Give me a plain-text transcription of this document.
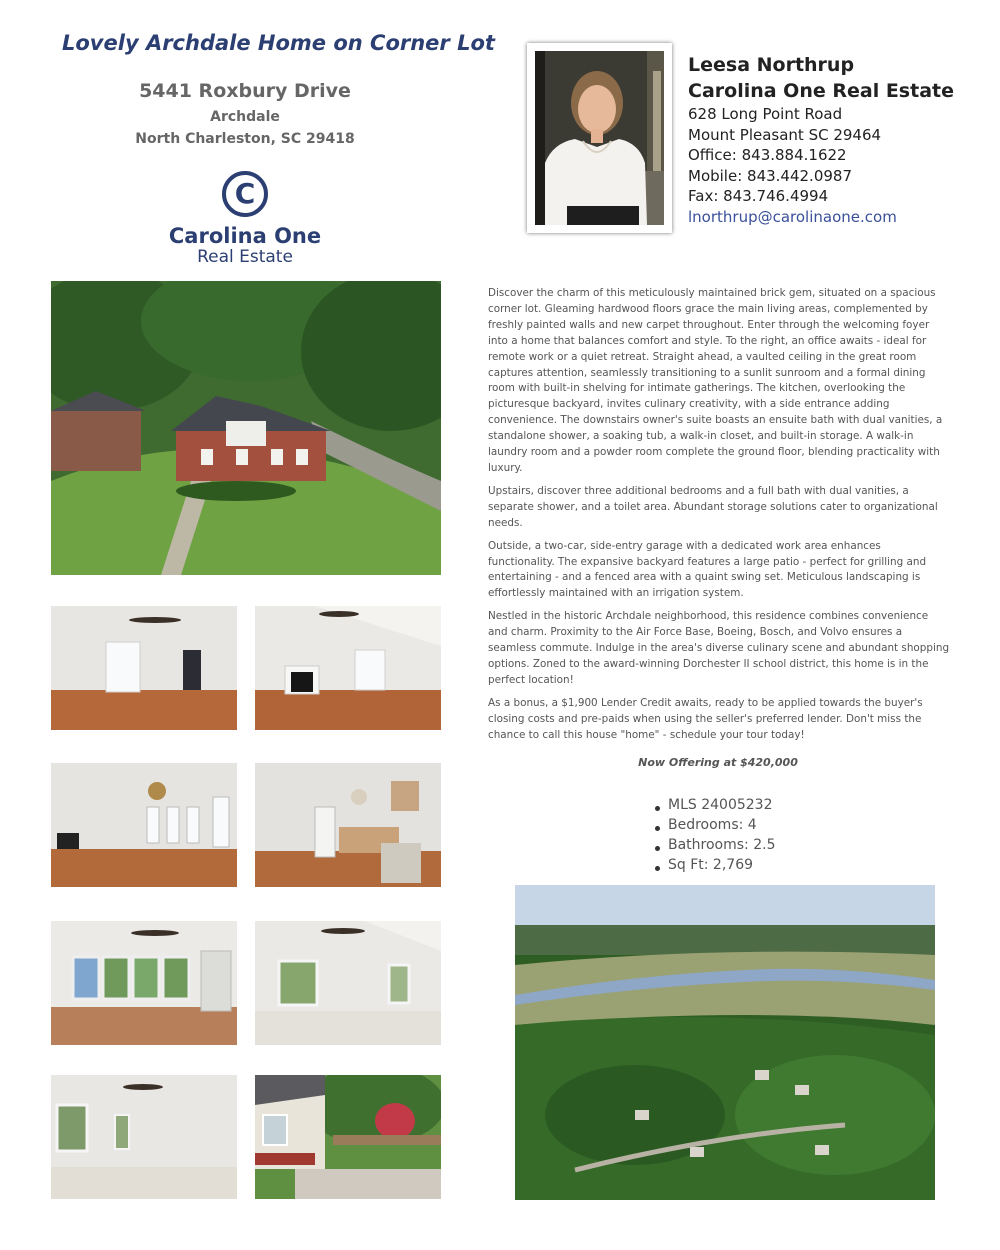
Lovely Archdale Home on Corner Lot
5441 Roxbury Drive
Archdale
North Charleston, SC 29418
C
Carolina One
Real Estate
Leesa Northrup
Carolina One Real Estate
628 Long Point Road
Mount Pleasant SC 29464
Office: 843.884.1622
Mobile: 843.442.0987
Fax: 843.746.4994
lnorthrup@carolinaone.com

Discover the charm of this meticulously maintained brick gem, situated on a spacious corner lot. Gleaming hardwood floors grace the main living areas, complemented by freshly painted walls and new carpet throughout. Enter through the welcoming foyer into a home that balances comfort and style. To the right, an office awaits - ideal for remote work or a quiet retreat. Straight ahead, a vaulted ceiling in the great room captures attention, seamlessly transitioning to a sunlit sunroom and a formal dining room with built-in shelving for intimate gatherings. The kitchen, overlooking the picturesque backyard, invites culinary creativity, with a side entrance adding convenience. The downstairs owner's suite boasts an ensuite bath with dual vanities, a standalone shower, a soaking tub, a walk-in closet, and built-in storage. A walk-in laundry room and a powder room complete the ground floor, blending practicality with luxury.

Upstairs, discover three additional bedrooms and a full bath with dual vanities, a separate shower, and a toilet area. Abundant storage solutions cater to organizational needs.

Outside, a two-car, side-entry garage with a dedicated work area enhances functionality. The expansive backyard features a large patio - perfect for grilling and entertaining - and a fenced area with a quaint swing set. Meticulous landscaping is effortlessly maintained with an irrigation system.

Nestled in the historic Archdale neighborhood, this residence combines convenience and charm. Proximity to the Air Force Base, Boeing, Bosch, and Volvo ensures a seamless commute. Indulge in the area's diverse culinary scene and abundant shopping options. Zoned to the award-winning Dorchester II school district, this home is in the perfect location!

As a bonus, a $1,900 Lender Credit awaits, ready to be applied towards the buyer's closing costs and pre-paids when using the seller's preferred lender. Don't miss the chance to call this house "home" - schedule your tour today!

Now Offering at $420,000
MLS 24005232
Bedrooms: 4
Bathrooms: 2.5
Sq Ft: 2,769
